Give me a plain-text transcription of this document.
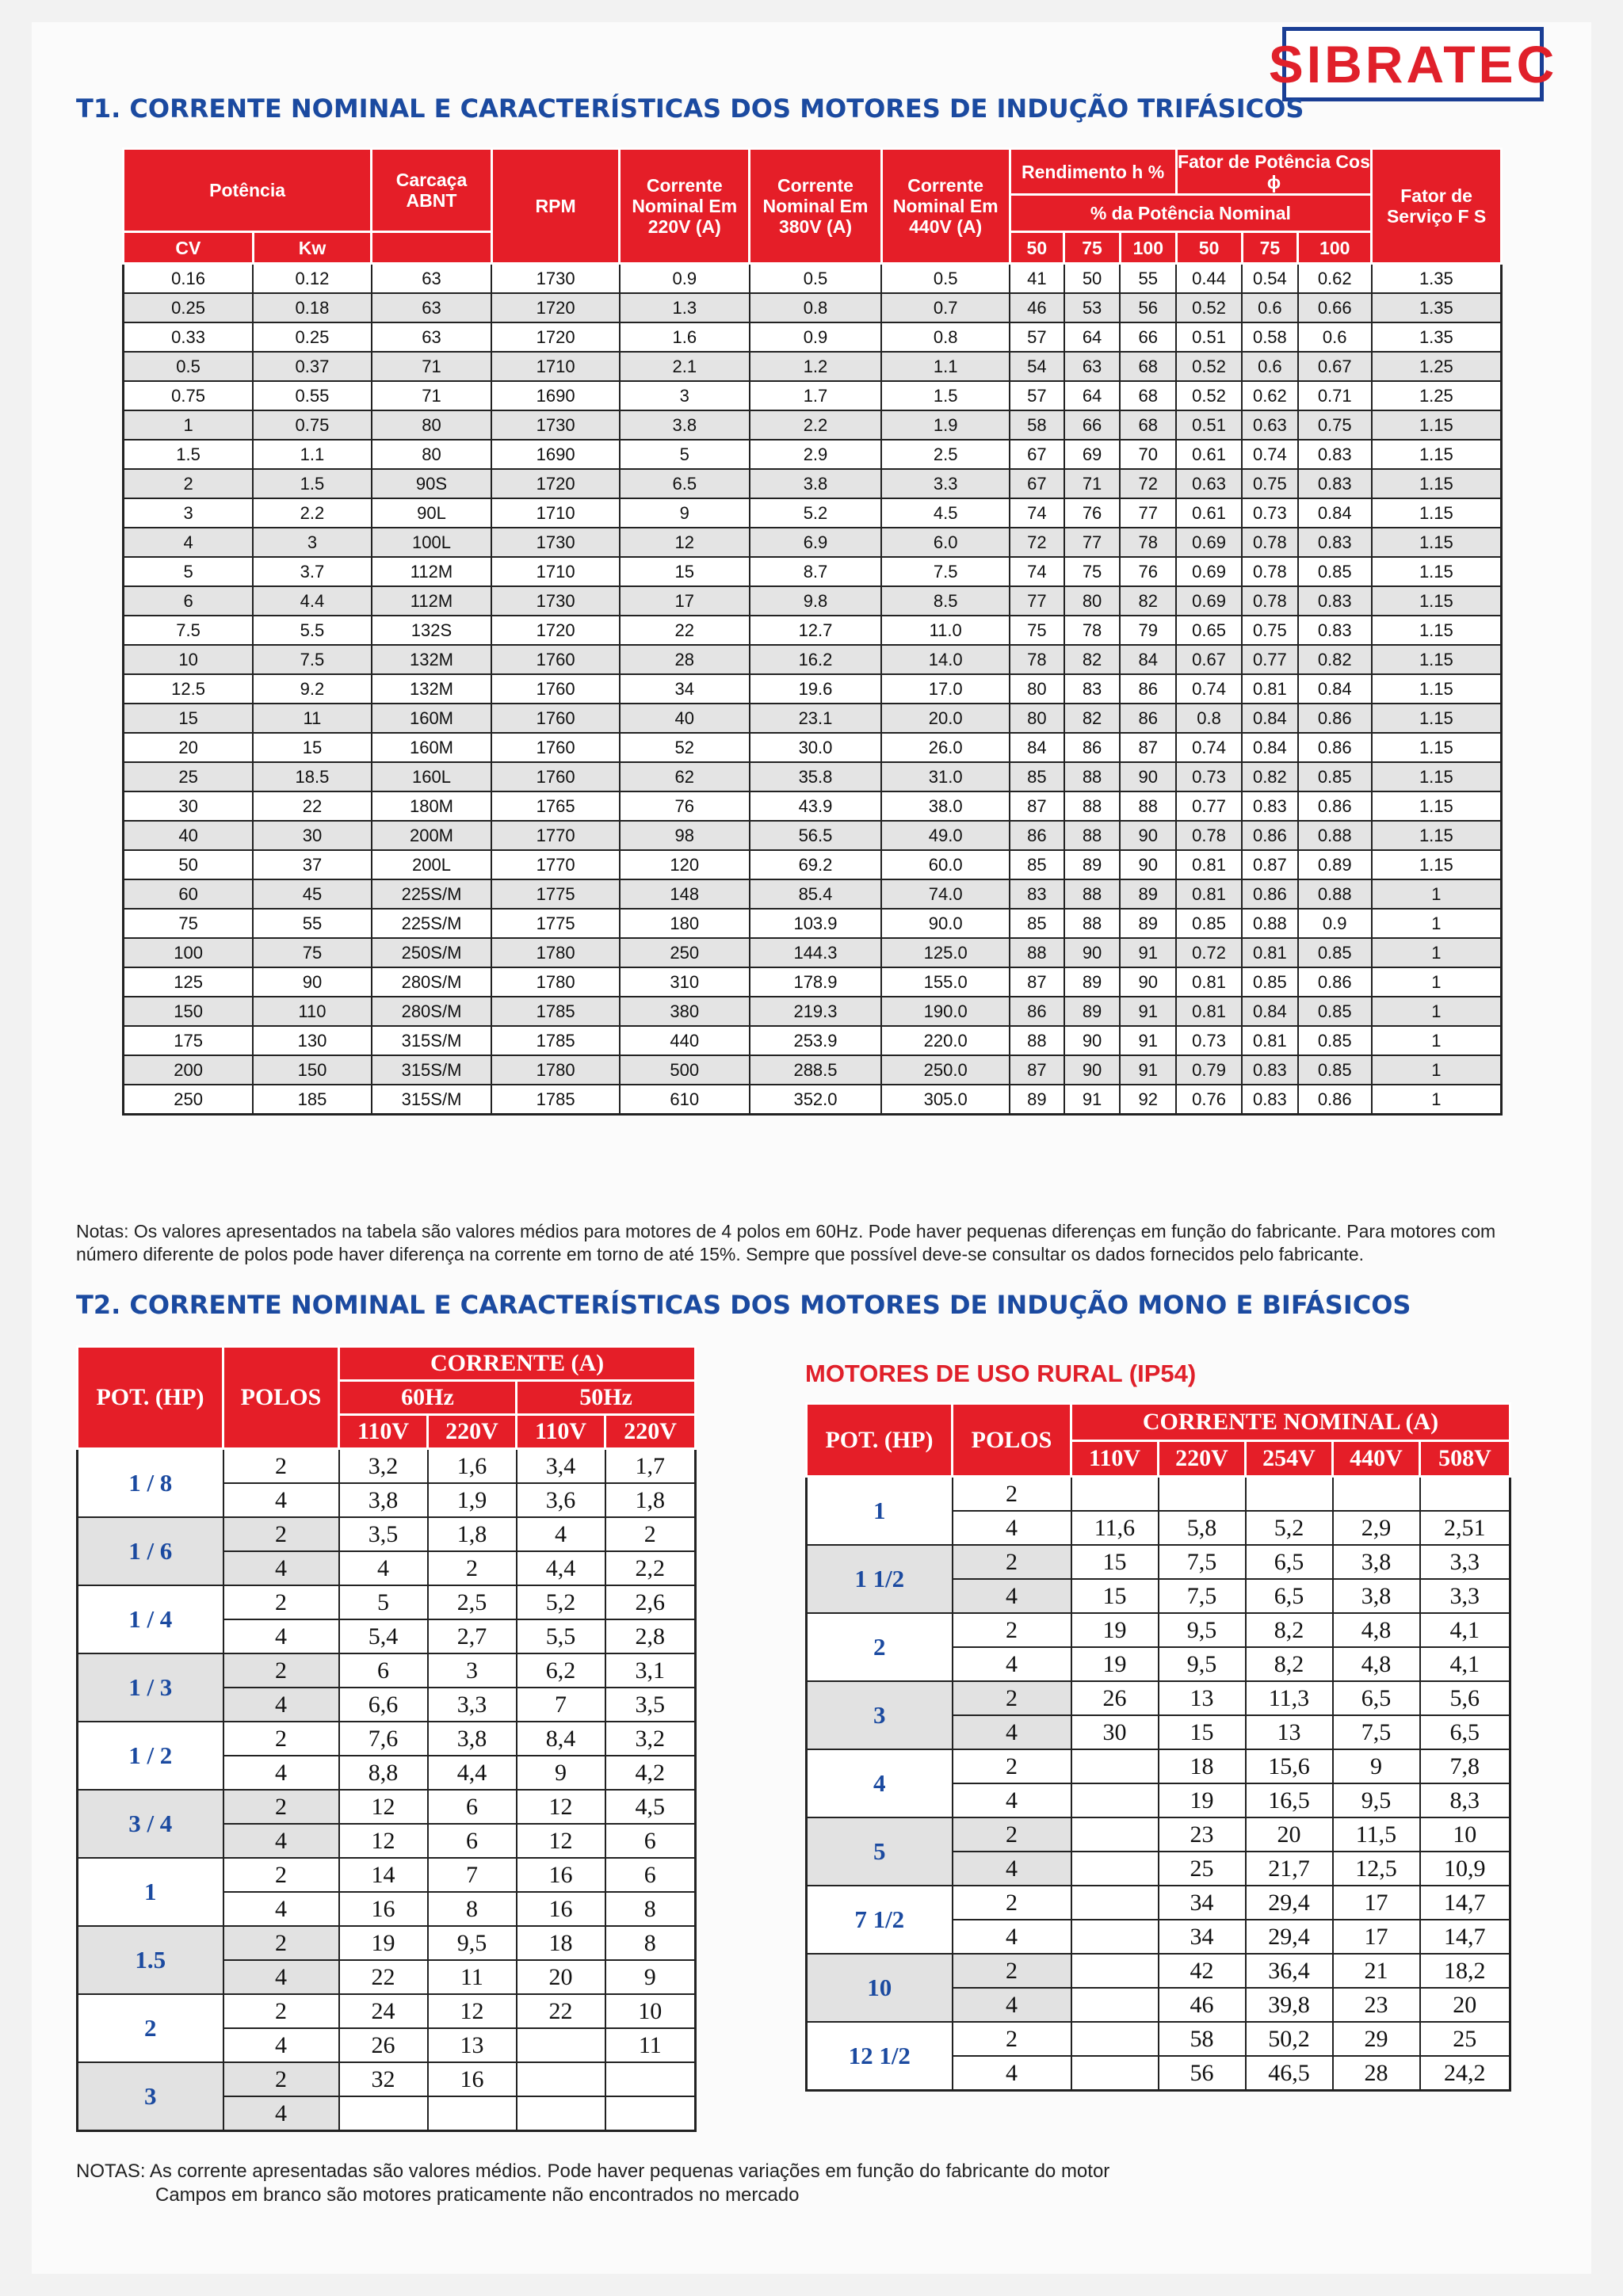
SIBRATEC
T1. CORRENTE NOMINAL E CARACTERÍSTICAS DOS MOTORES DE INDUÇÃO TRIFÁSICOS
Potência		Carcaça ABNT	RPM	Corrente Nominal Em 220V (A)	Corrente Nominal Em 380V (A)	Corrente Nominal Em 440V (A)	Rendimento h %			Fator de Potência Cos ϕ			Fator de Serviço F S
							% da Potência Nominal						
CV	Kw						50	75	100	50	75	100	
0.16	0.12	63	1730	0.9	0.5	0.5	41	50	55	0.44	0.54	0.62	1.35
0.25	0.18	63	1720	1.3	0.8	0.7	46	53	56	0.52	0.6	0.66	1.35
0.33	0.25	63	1720	1.6	0.9	0.8	57	64	66	0.51	0.58	0.6	1.35
0.5	0.37	71	1710	2.1	1.2	1.1	54	63	68	0.52	0.6	0.67	1.25
0.75	0.55	71	1690	3	1.7	1.5	57	64	68	0.52	0.62	0.71	1.25
1	0.75	80	1730	3.8	2.2	1.9	58	66	68	0.51	0.63	0.75	1.15
1.5	1.1	80	1690	5	2.9	2.5	67	69	70	0.61	0.74	0.83	1.15
2	1.5	90S	1720	6.5	3.8	3.3	67	71	72	0.63	0.75	0.83	1.15
3	2.2	90L	1710	9	5.2	4.5	74	76	77	0.61	0.73	0.84	1.15
4	3	100L	1730	12	6.9	6.0	72	77	78	0.69	0.78	0.83	1.15
5	3.7	112M	1710	15	8.7	7.5	74	75	76	0.69	0.78	0.85	1.15
6	4.4	112M	1730	17	9.8	8.5	77	80	82	0.69	0.78	0.83	1.15
7.5	5.5	132S	1720	22	12.7	11.0	75	78	79	0.65	0.75	0.83	1.15
10	7.5	132M	1760	28	16.2	14.0	78	82	84	0.67	0.77	0.82	1.15
12.5	9.2	132M	1760	34	19.6	17.0	80	83	86	0.74	0.81	0.84	1.15
15	11	160M	1760	40	23.1	20.0	80	82	86	0.8	0.84	0.86	1.15
20	15	160M	1760	52	30.0	26.0	84	86	87	0.74	0.84	0.86	1.15
25	18.5	160L	1760	62	35.8	31.0	85	88	90	0.73	0.82	0.85	1.15
30	22	180M	1765	76	43.9	38.0	87	88	88	0.77	0.83	0.86	1.15
40	30	200M	1770	98	56.5	49.0	86	88	90	0.78	0.86	0.88	1.15
50	37	200L	1770	120	69.2	60.0	85	89	90	0.81	0.87	0.89	1.15
60	45	225S/M	1775	148	85.4	74.0	83	88	89	0.81	0.86	0.88	1
75	55	225S/M	1775	180	103.9	90.0	85	88	89	0.85	0.88	0.9	1
100	75	250S/M	1780	250	144.3	125.0	88	90	91	0.72	0.81	0.85	1
125	90	280S/M	1780	310	178.9	155.0	87	89	90	0.81	0.85	0.86	1
150	110	280S/M	1785	380	219.3	190.0	86	89	91	0.81	0.84	0.85	1
175	130	315S/M	1785	440	253.9	220.0	88	90	91	0.73	0.81	0.85	1
200	150	315S/M	1780	500	288.5	250.0	87	90	91	0.79	0.83	0.85	1
250	185	315S/M	1785	610	352.0	305.0	89	91	92	0.76	0.83	0.86	1
Notas: Os valores apresentados na tabela são valores médios para motores de 4 polos em 60Hz. Pode haver pequenas diferenças em função do fabricante. Para motores com número diferente de polos pode haver diferença na corrente em torno de até 15%. Sempre que possível deve-se consultar os dados fornecidos pelo fabricante.
T2. CORRENTE NOMINAL E CARACTERÍSTICAS DOS MOTORES DE INDUÇÃO MONO E BIFÁSICOS
POT. (HP)	POLOS	CORRENTE (A)			
		60Hz		50Hz	
		110V	220V	110V	220V
1 / 8	2	3,2	1,6	3,4	1,7
	4	3,8	1,9	3,6	1,8
1 / 6	2	3,5	1,8	4	2
	4	4	2	4,4	2,2
1 / 4	2	5	2,5	5,2	2,6
	4	5,4	2,7	5,5	2,8
1 / 3	2	6	3	6,2	3,1
	4	6,6	3,3	7	3,5
1 / 2	2	7,6	3,8	8,4	3,2
	4	8,8	4,4	9	4,2
3 / 4	2	12	6	12	4,5
	4	12	6	12	6
1	2	14	7	16	6
	4	16	8	16	8
1.5	2	19	9,5	18	8
	4	22	11	20	9
2	2	24	12	22	10
	4	26	13		11
3	2	32	16		
	4				
MOTORES DE USO RURAL (IP54)
POT. (HP)	POLOS	CORRENTE NOMINAL (A)				
		110V	220V	254V	440V	508V
1	2					
	4	11,6	5,8	5,2	2,9	2,51
1 1/2	2	15	7,5	6,5	3,8	3,3
	4	15	7,5	6,5	3,8	3,3
2	2	19	9,5	8,2	4,8	4,1
	4	19	9,5	8,2	4,8	4,1
3	2	26	13	11,3	6,5	5,6
	4	30	15	13	7,5	6,5
4	2		18	15,6	9	7,8
	4		19	16,5	9,5	8,3
5	2		23	20	11,5	10
	4		25	21,7	12,5	10,9
7 1/2	2		34	29,4	17	14,7
	4		34	29,4	17	14,7
10	2		42	36,4	21	18,2
	4		46	39,8	23	20
12 1/2	2		58	50,2	29	25
	4		56	46,5	28	24,2
NOTAS: As corrente apresentadas são valores médios. Pode haver pequenas variações em função do fabricante do motor
Campos em branco são motores praticamente não encontrados no mercado
